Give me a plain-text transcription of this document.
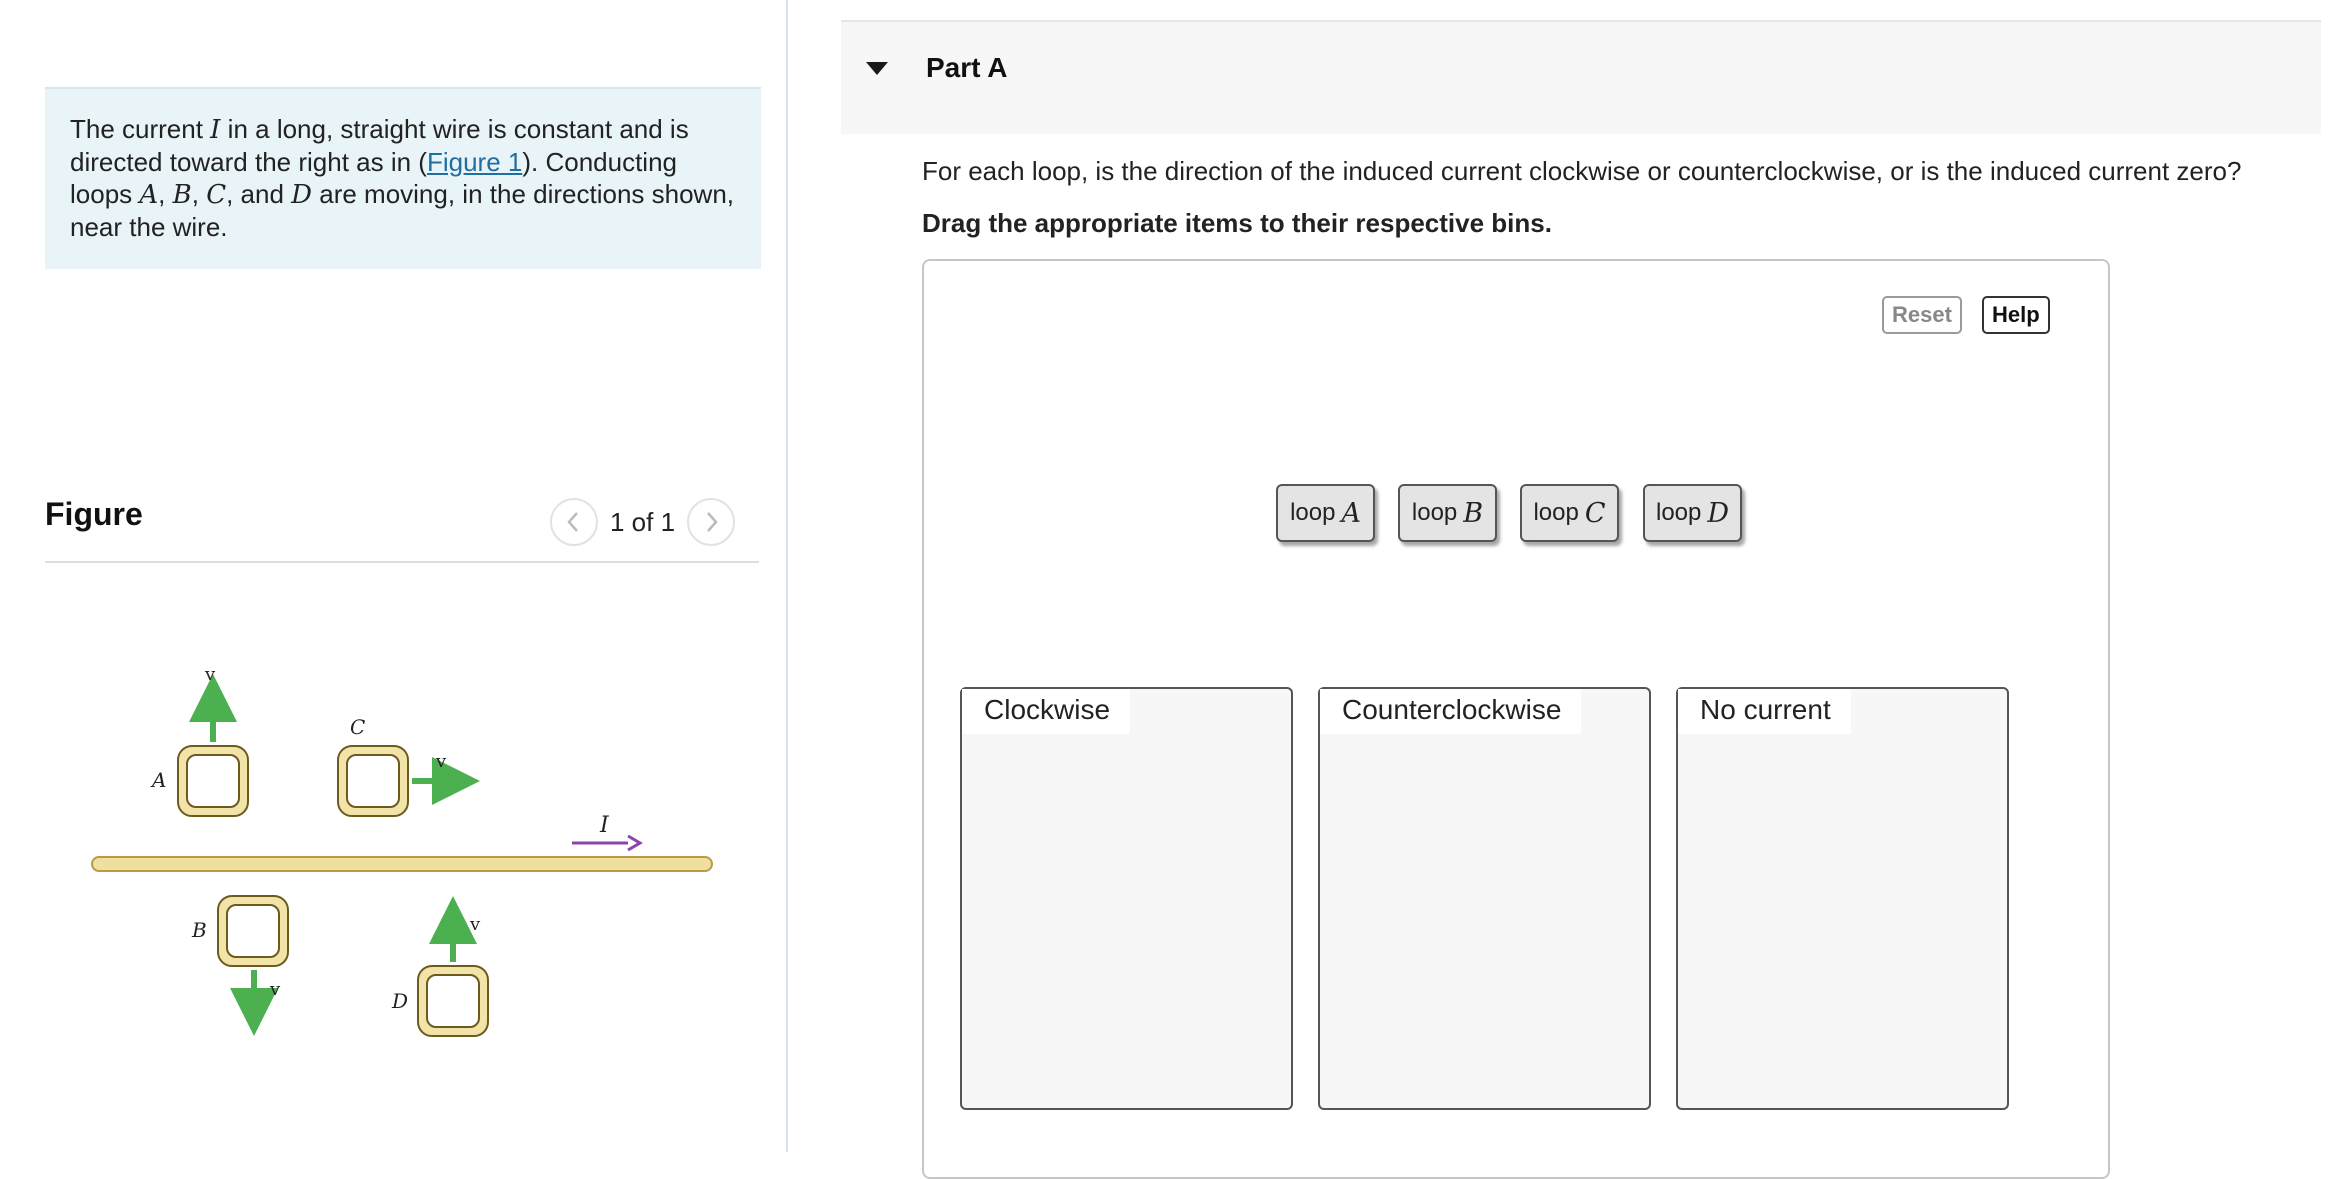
The current I in a long, straight wire is constant and is directed toward the right as in (Figure 1). Conducting loops A, B, C, and D are moving, in the directions shown, near the wire.
Figure	1 of 1
I
v
A
v
C
v
B	v
D
Part A
For each loop, is the direction of the induced current clockwise or counterclockwise, or is the induced current zero?
Drag the appropriate items to their respective bins.
Reset	Help
loop A loop B loop C loop D
Clockwise	Counterclockwise	No current
